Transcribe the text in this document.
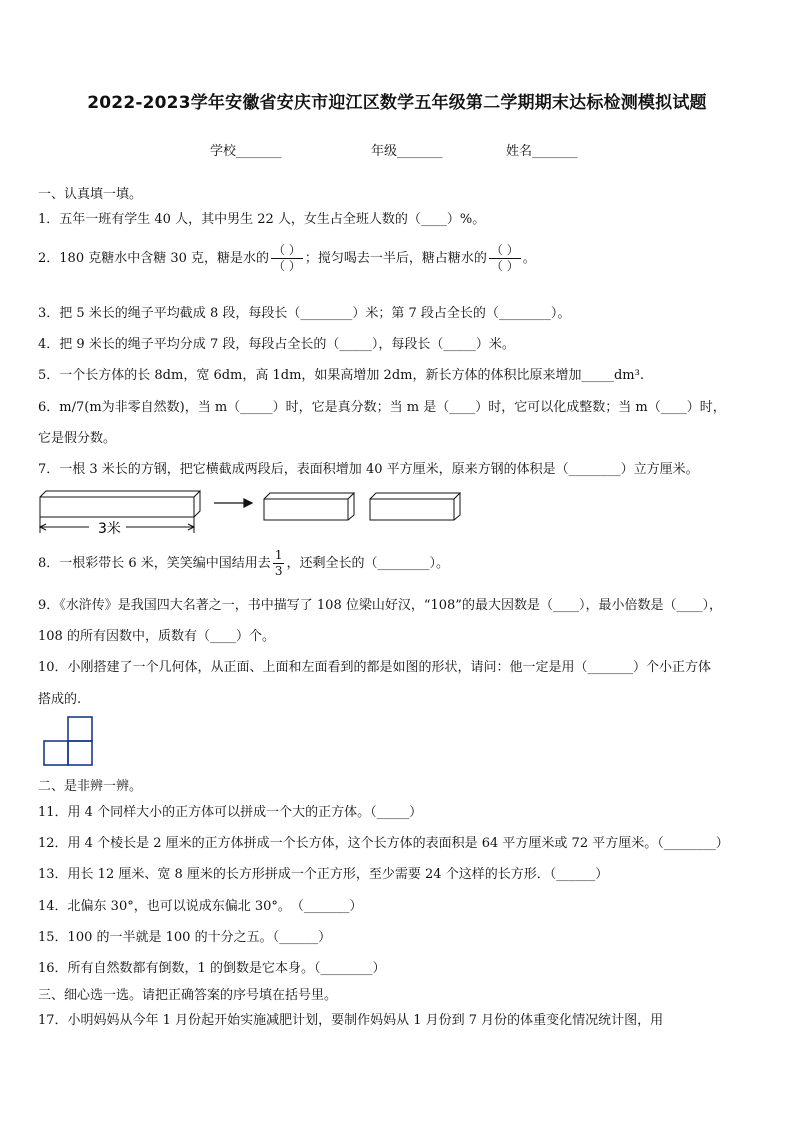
2022-2023学年安徽省安庆市迎江区数学五年级第二学期期末达标检测模拟试题
学校_______	年级_______	姓名_______
一、认真填一填。
1．五年一班有学生 40 人，其中男生 22 人，女生占全班人数的（____）%。
2．180 克糖水中含糖 30 克，糖是水的 $\frac{( )}{( )}$ ；搅匀喝去一半后，糖占糖水的 $\frac{( )}{( )}$ 。
3．把 5 米长的绳子平均截成 8 段，每段长（________）米；第 7 段占全长的（________）。
4．把 9 米长的绳子平均分成 7 段，每段占全长的（_____），每段长（_____）米。
5．一个长方体的长 8dm，宽 6dm，高 1dm，如果高增加 2dm，新长方体的体积比原来增加_____dm³.
6．m/7(m为非零自然数)，当 m（_____）时，它是真分数；当 m 是（____）时，它可以化成整数；当 m（____）时，
它是假分数。
7．一根 3 米长的方钢，把它横截成两段后，表面积增加 40 平方厘米，原来方钢的体积是（________）立方厘米。
3米
8．一根彩带长 6 米，笑笑编中国结用去 $\frac{1}{3}$ ，还剩全长的（________）。
9．《水浒传》是我国四大名著之一，书中描写了 108 位梁山好汉，“108”的最大因数是（____），最小倍数是（____），
108 的所有因数中，质数有（____）个。
10．小刚搭建了一个几何体，从正面、上面和左面看到的都是如图的形状，请问：他一定是用（_______）个小正方体
搭成的.
二、是非辨一辨。
11．用 4 个同样大小的正方体可以拼成一个大的正方体。（_____）
12．用 4 个棱长是 2 厘米的正方体拼成一个长方体，这个长方体的表面积是 64 平方厘米或 72 平方厘米。（________）
13．用长 12 厘米、宽 8 厘米的长方形拼成一个正方形，至少需要 24 个这样的长方形．（______）
14．北偏东 30°，也可以说成东偏北 30°。　（_______）
15．100 的一半就是 100 的十分之五。（______）
16．所有自然数都有倒数，1 的倒数是它本身。（________）
三、细心选一选。请把正确答案的序号填在括号里。
17．小明妈妈从今年 1 月份起开始实施减肥计划，要制作妈妈从 1 月份到 7 月份的体重变化情况统计图，用
